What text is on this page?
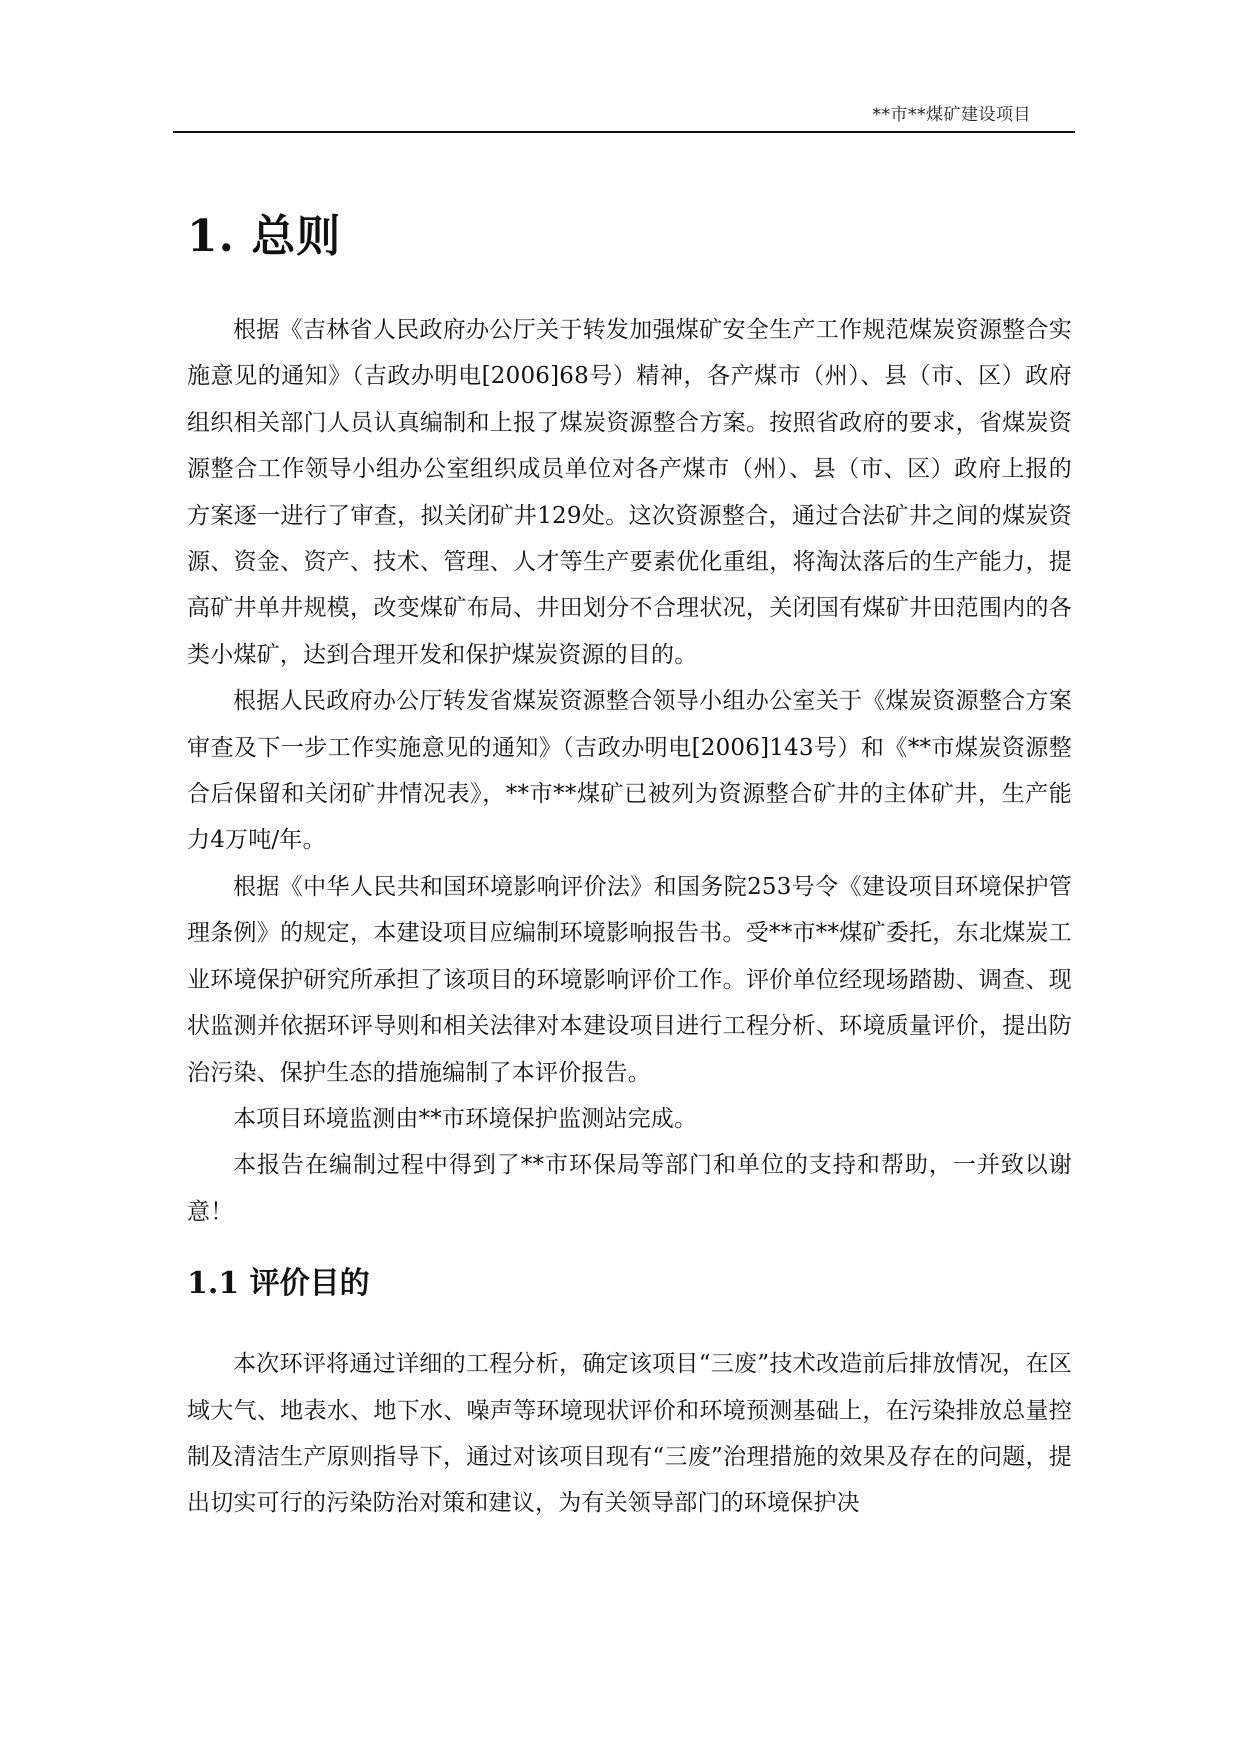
**市**煤矿建设项目
1. 总则

根据《吉林省人民政府办公厅关于转发加强煤矿安全生产工作规范煤炭资源整合实施意见的通知》（吉政办明电[2006]68号）精神，各产煤市（州）、县（市、区）政府组织相关部门人员认真编制和上报了煤炭资源整合方案。按照省政府的要求，省煤炭资源整合工作领导小组办公室组织成员单位对各产煤市（州）、县（市、区）政府上报的方案逐一进行了审查，拟关闭矿井129处。这次资源整合，通过合法矿井之间的煤炭资源、资金、资产、技术、管理、人才等生产要素优化重组，将淘汰落后的生产能力，提高矿井单井规模，改变煤矿布局、井田划分不合理状况，关闭国有煤矿井田范围内的各类小煤矿，达到合理开发和保护煤炭资源的目的。

根据人民政府办公厅转发省煤炭资源整合领导小组办公室关于《煤炭资源整合方案审查及下一步工作实施意见的通知》（吉政办明电[2006]143号）和《**市煤炭资源整合后保留和关闭矿井情况表》，**市**煤矿已被列为资源整合矿井的主体矿井，生产能力4万吨/年。

根据《中华人民共和国环境影响评价法》和国务院253号令《建设项目环境保护管理条例》的规定，本建设项目应编制环境影响报告书。受**市**煤矿委托，东北煤炭工业环境保护研究所承担了该项目的环境影响评价工作。评价单位经现场踏勘、调查、现状监测并依据环评导则和相关法律对本建设项目进行工程分析、环境质量评价，提出防治污染、保护生态的措施编制了本评价报告。

本项目环境监测由**市环境保护监测站完成。

本报告在编制过程中得到了**市环保局等部门和单位的支持和帮助，一并致以谢意！

1.1 评价目的

本次环评将通过详细的工程分析，确定该项目“三废”技术改造前后排放情况，在区域大气、地表水、地下水、噪声等环境现状评价和环境预测基础上，在污染排放总量控制及清洁生产原则指导下，通过对该项目现有“三废”治理措施的效果及存在的问题，提出切实可行的污染防治对策和建议，为有关领导部门的环境保护决
